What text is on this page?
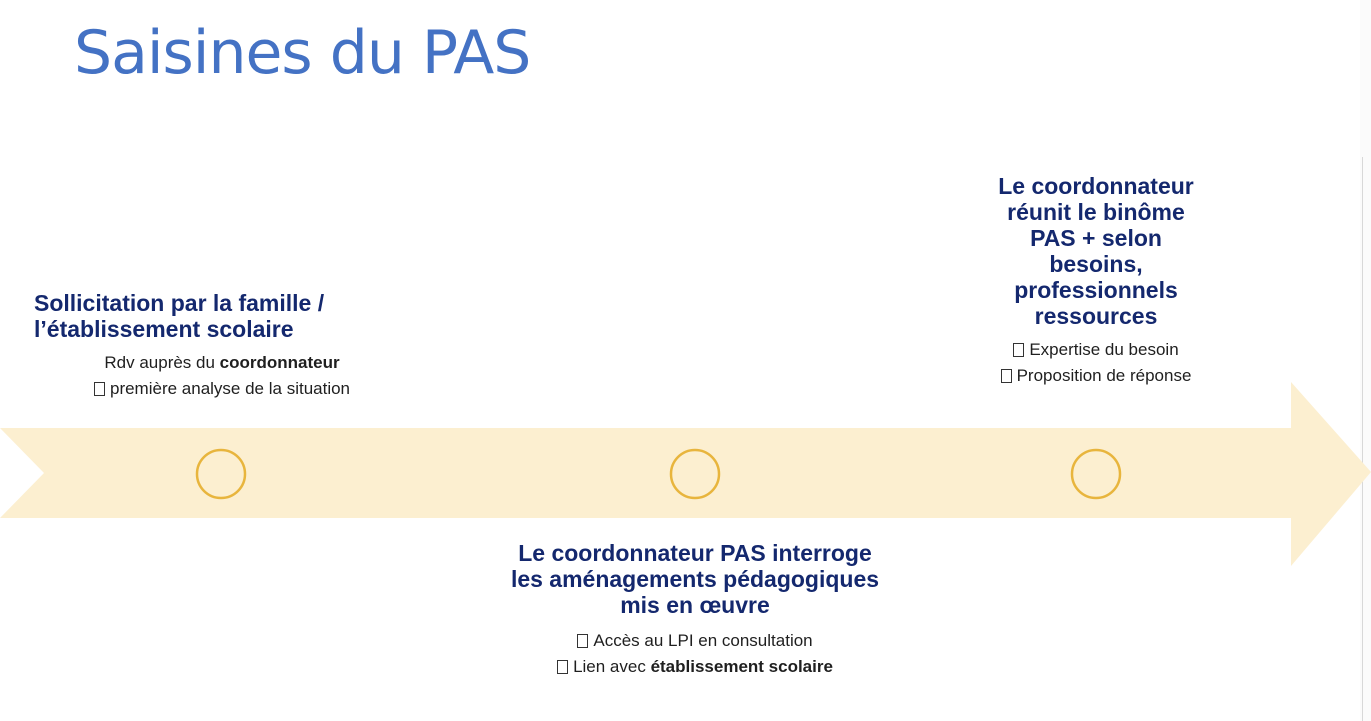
Saisines du PAS
Sollicitation par la famille /
l’établissement scolaire

Rdv auprès du coordonnateur

première analyse de la situation

Le coordonnateur PAS interroge
les aménagements pédagogiques
mis en œuvre

Accès au LPI en consultation

Lien avec établissement scolaire

Le coordonnateur
réunit le binôme
PAS + selon
besoins,
professionnels
ressources

Expertise du besoin

Proposition de réponse
